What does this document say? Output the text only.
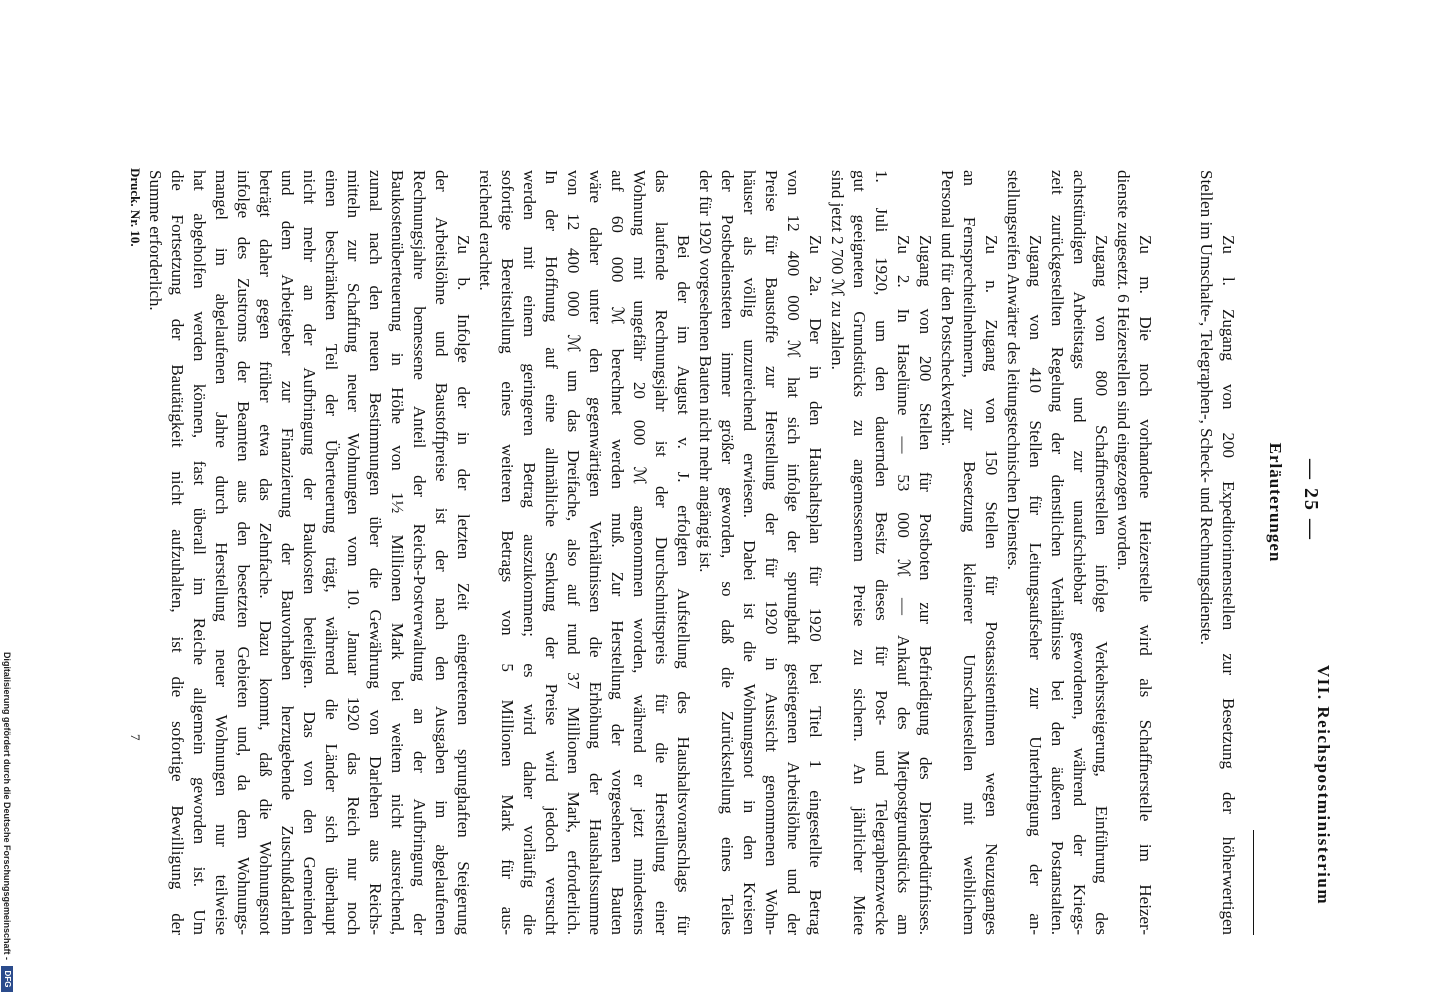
VII. Reichspostministerium
— 25 —
Erläuterungen
Zu l. Zugang von 200 Expeditorinnenstellen zur Besetzung der höherwertigen
Stellen im Umschalte-, Telegraphen-, Scheck- und Rechnungsdienste.
Zu m. Die noch vorhandene Heizerstelle wird als Schaffnerstelle im Heizer-
dienste zugesetzt. 6 Heizerstellen sind eingezogen worden.
Zugang von 800 Schaffnerstellen infolge Verkehrssteigerung, Einführung des
achtstündigen Arbeitstags und zur unaufschiebbar gewordenen, während der Kriegs-
zeit zurückgestellten Regelung der dienstlichen Verhältnisse bei den äußeren Postanstalten.
Zugang von 410 Stellen für Leitungsaufseher zur Unterbringung der an-
stellungsreifen Anwärter des leitungstechnischen Dienstes.
Zu n. Zugang von 150 Stellen für Postassistentinnen wegen Neuzuganges
an Fernsprechteilnehmern, zur Besetzung kleinerer Umschaltestellen mit weiblichem
Personal und für den Postscheckverkehr.
Zugang von 200 Stellen für Postboten zur Befriedigung des Dienstbedürfnisses.
Zu 2. In Haselünne — 53 000 ℳ — Ankauf des Mietpostgrundstücks am
1. Juli 1920, um den dauernden Besitz dieses für Post- und Telegraphenzwecke
gut geeigneten Grundstücks zu angemessenem Preise zu sichern. An jährlicher Miete
sind jetzt 2 700 ℳ zu zahlen.
Zu 2a. Der in den Haushaltsplan für 1920 bei Titel 1 eingestellte Betrag
von 12 400 000 ℳ hat sich infolge der sprunghaft gestiegenen Arbeitslöhne und der
Preise für Baustoffe zur Herstellung der für 1920 in Aussicht genommenen Wohn-
häuser als völlig unzureichend erwiesen. Dabei ist die Wohnungsnot in den Kreisen
der Postbediensteten immer größer geworden, so daß die Zurückstellung eines Teiles
der für 1920 vorgesehenen Bauten nicht mehr angängig ist.
Bei der im August v. J. erfolgten Aufstellung des Haushaltsvoranschlags für
das laufende Rechnungsjahr ist der Durchschnittspreis für die Herstellung einer
Wohnung mit ungefähr 20 000 ℳ angenommen worden, während er jetzt mindestens
auf 60 000 ℳ berechnet werden muß. Zur Herstellung der vorgesehenen Bauten
wäre daher unter den gegenwärtigen Verhältnissen die Erhöhung der Haushaltssumme
von 12 400 000 ℳ um das Dreifache, also auf rund 37 Millionen Mark, erforderlich.
In der Hoffnung auf eine allmähliche Senkung der Preise wird jedoch versucht
werden mit einem geringeren Betrag auszukommen; es wird daher vorläufig die
sofortige Bereitstellung eines weiteren Betrags von 5 Millionen Mark für aus-
reichend erachtet.
Zu b. Infolge der in der letzten Zeit eingetretenen sprunghaften Steigerung
der Arbeitslöhne und Baustoffpreise ist der nach den Ausgaben im abgelaufenen
Rechnungsjahre bemessene Anteil der Reichs-Postverwaltung an der Aufbringung der
Baukostenüberteuerung in Höhe von 1½ Millionen Mark bei weitem nicht ausreichend,
zumal nach den neuen Bestimmungen über die Gewährung von Darlehen aus Reichs-
mitteln zur Schaffung neuer Wohnungen vom 10. Januar 1920 das Reich nur noch
einen beschränkten Teil der Überteuerung trägt, während die Länder sich überhaupt
nicht mehr an der Aufbringung der Baukosten beteiligen. Das von den Gemeinden
und dem Arbeitgeber zur Finanzierung der Bauvorhaben herzugebende Zuschußdarlehn
beträgt daher gegen früher etwa das Zehnfache. Dazu kommt, daß die Wohnungsnot
infolge des Zustroms der Beamten aus den besetzten Gebieten und, da dem Wohnungs-
mangel im abgelaufenen Jahre durch Herstellung neuer Wohnungen nur teilweise
hat abgeholfen werden können, fast überall im Reiche allgemein geworden ist. Um
die Fortsetzung der Bautätigkeit nicht aufzuhalten, ist die sofortige Bewilligung der
Summe erforderlich.
Druck. Nr. 10.
7
Digitalisierung gefördert durch die Deutsche Forschungsgemeinschaft -
DFG
